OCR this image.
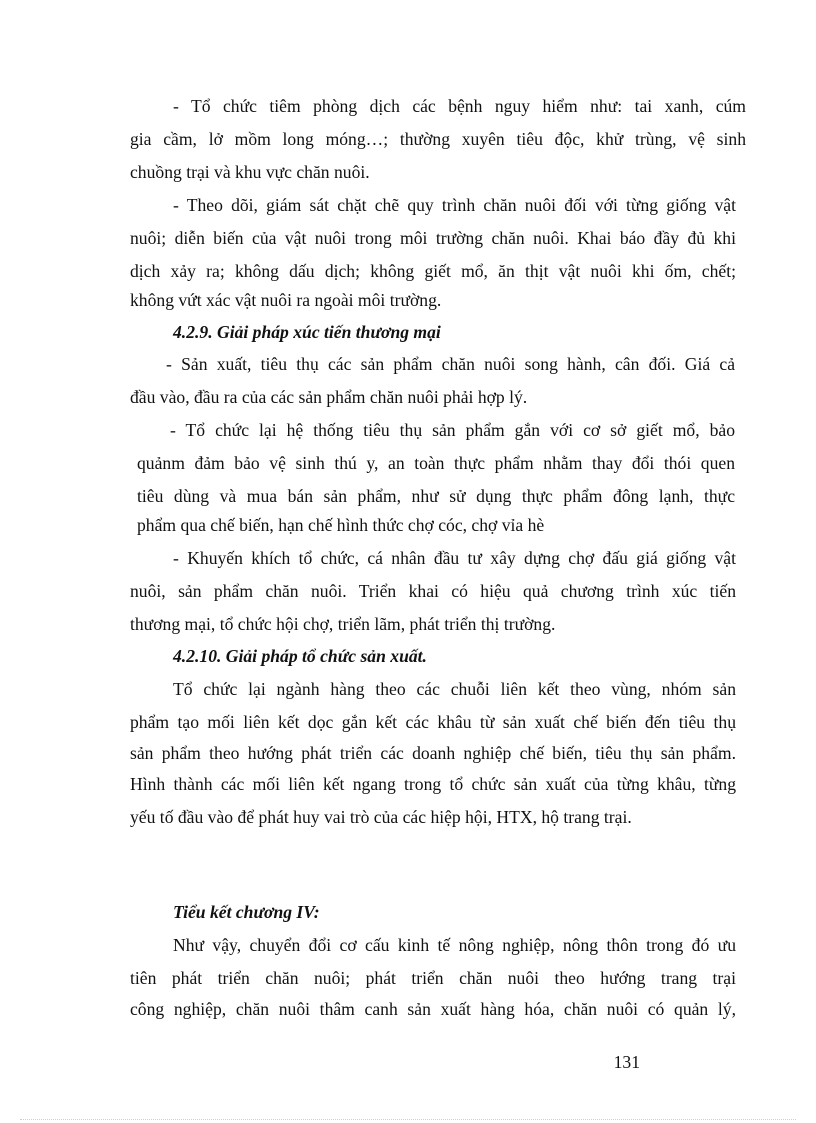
- Tổ chức tiêm phòng dịch các bệnh nguy hiểm như: tai xanh, cúm
gia cầm, lở mồm long móng…; thường xuyên tiêu độc, khử trùng, vệ sinh
chuồng trại và khu vực chăn nuôi.
- Theo dõi, giám sát chặt chẽ quy trình chăn nuôi đối với từng giống vật
nuôi; diễn biến của vật nuôi trong môi trường chăn nuôi. Khai báo đầy đủ khi
dịch xảy ra; không dấu dịch; không giết mổ, ăn thịt vật nuôi khi ốm, chết;
không vứt xác vật nuôi ra ngoài môi trường.
4.2.9. Giải pháp xúc tiến thương mại
- Sản xuất, tiêu thụ các sản phẩm chăn nuôi song hành, cân đối. Giá cả
đầu vào, đầu ra của các sản phẩm chăn nuôi phải hợp lý.
- Tổ chức lại hệ thống tiêu thụ sản phẩm gắn với cơ sở giết mổ, bảo
quảnm đảm bảo vệ sinh thú y, an toàn thực phẩm nhằm thay đổi thói quen
tiêu dùng và mua bán sản phẩm, như sử dụng thực phẩm đông lạnh, thực
phẩm qua chế biến, hạn chế hình thức chợ cóc, chợ vỉa hè
- Khuyến khích tổ chức, cá nhân đầu tư xây dựng chợ đấu giá giống vật
nuôi, sản phẩm chăn nuôi. Triển khai có hiệu quả chương trình xúc tiến
thương mại, tổ chức hội chợ, triển lãm, phát triển thị trường.
4.2.10. Giải pháp tổ chức sản xuất.
Tổ chức lại ngành hàng theo các chuỗi liên kết theo vùng, nhóm sản
phẩm tạo mối liên kết dọc gắn kết các khâu từ sản xuất chế biến đến tiêu thụ
sản phẩm theo hướng phát triển các doanh nghiệp chế biến, tiêu thụ sản phẩm.
Hình thành các mối liên kết ngang trong tổ chức sản xuất của từng khâu, từng
yếu tố đầu vào để phát huy vai trò của các hiệp hội, HTX, hộ trang trại.
Tiểu kết chương IV:
Như vậy, chuyển đổi cơ cấu kinh tế nông nghiệp, nông thôn trong đó ưu
tiên phát triển chăn nuôi; phát triển chăn nuôi theo hướng trang trại
công nghiệp, chăn nuôi thâm canh sản xuất hàng hóa, chăn nuôi có quản lý,
131
